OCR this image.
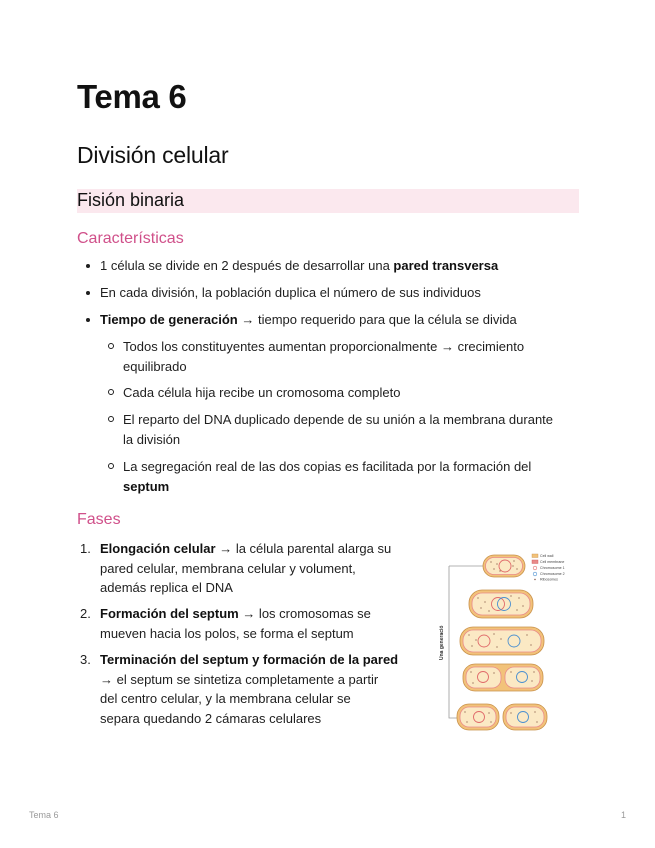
Tema 6
División celular
Fisión binaria
Características
1 célula se divide en 2 después de desarrollar una pared transversa
En cada división, la población duplica el número de sus individuos
Tiempo de generación → tiempo requerido para que la célula se divida
Todos los constituyentes aumentan proporcionalmente → crecimiento
equilibrado
Cada célula hija recibe un cromosoma completo
El reparto del DNA duplicado depende de su unión a la membrana durante
la división
La segregación real de las dos copias es facilitada por la formación del
septum
Fases
1. Elongación celular → la célula parental alarga su
pared celular, membrana celular y volument,
además replica el DNA
2. Formación del septum → los cromosomas se
mueven hacia los polos, se forma el septum
3. Terminación del septum y formación de la pared
→ el septum se sintetiza completamente a partir
del centro celular, y la membrana celular se
separa quedando 2 cámaras celulares
Una generació
Cell wall
Cell membrane
Chromosome 1
Chromosome 2
Ribosomes
Tema 6	1
